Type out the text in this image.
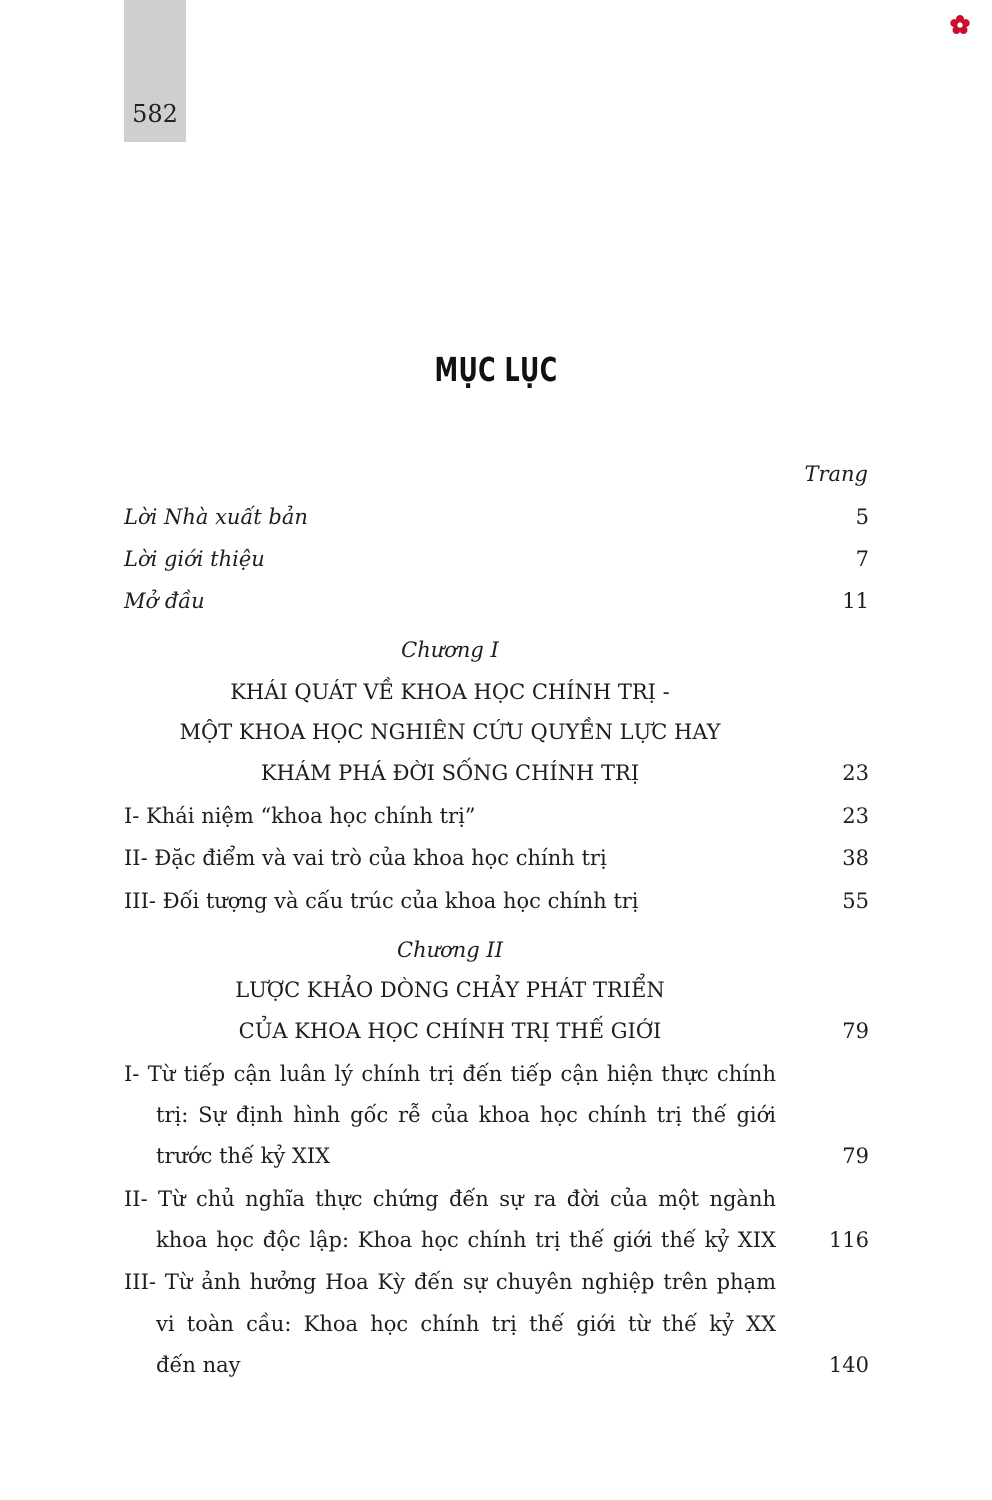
582
MỤC LỤC
Trang
Lời Nhà xuất bản	5
Lời giới thiệu	7
Mở đầu	11
Chương I
KHÁI QUÁT VỀ KHOA HỌC CHÍNH TRỊ -
MỘT KHOA HỌC NGHIÊN CỨU QUYỀN LỰC HAY
KHÁM PHÁ ĐỜI SỐNG CHÍNH TRỊ	23
I- Khái niệm “khoa học chính trị”	23
II- Đặc điểm và vai trò của khoa học chính trị	38
III- Đối tượng và cấu trúc của khoa học chính trị	55
Chương II
LƯỢC KHẢO DÒNG CHẢY PHÁT TRIỂN
CỦA KHOA HỌC CHÍNH TRỊ THẾ GIỚI	79
I- Từ tiếp cận luân lý chính trị đến tiếp cận hiện thực chính
trị: Sự định hình gốc rễ của khoa học chính trị thế giới
trước thế kỷ XIX	79
II- Từ chủ nghĩa thực chứng đến sự ra đời của một ngành
khoa học độc lập: Khoa học chính trị thế giới thế kỷ XIX	116
III- Từ ảnh hưởng Hoa Kỳ đến sự chuyên nghiệp trên phạm
vi toàn cầu: Khoa học chính trị thế giới từ thế kỷ XX
đến nay	140
